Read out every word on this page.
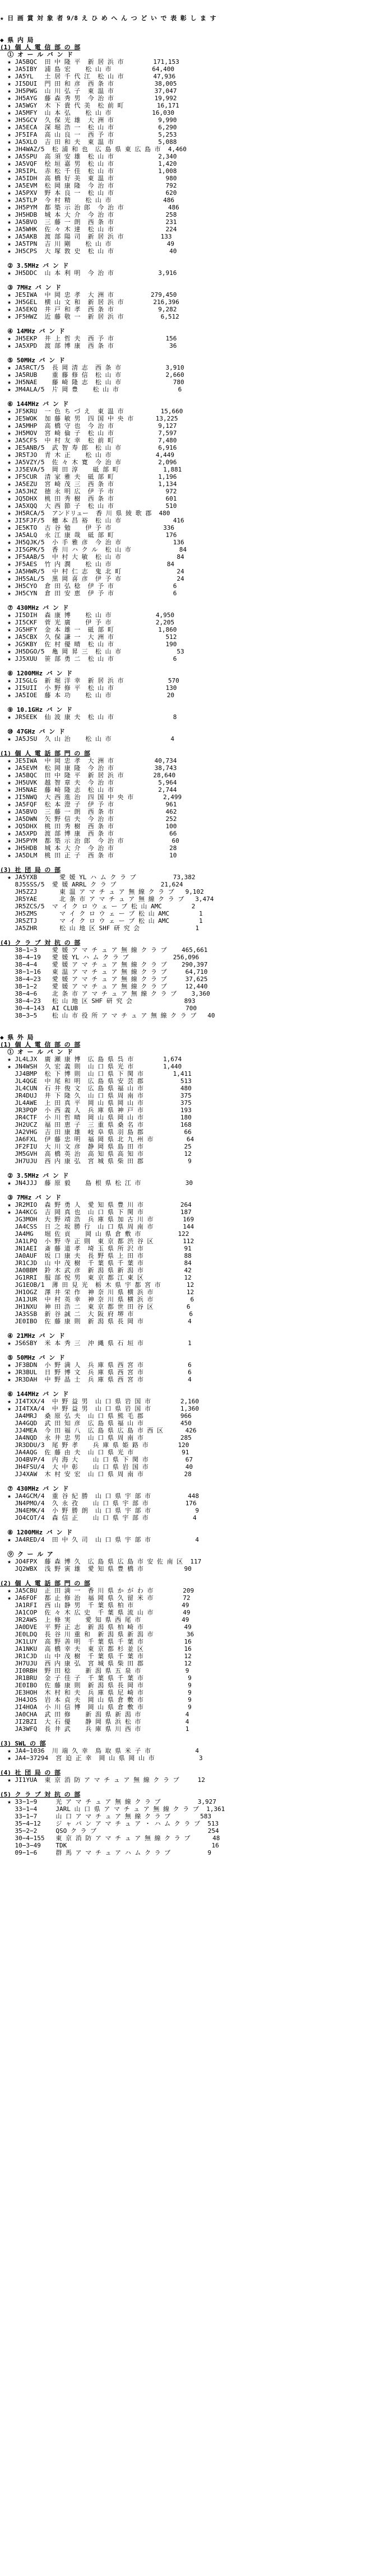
★ 日 画 賞 対 象 者 9/8 え ひ め へ ん つ ど い で 表 彰 し ま す

◆ 県 内 局
(1) 個 人 電 信 部 の 部
① オ ー ル バ ン ド
★ JA5BQC  田 中 隆 平  新 居 浜 市        171,153
★ JA5IBY  浦 島 宏    松 山 市           64,400
★ JA5YL   土 居 千 代 江  松 山 市        47,936
★ JI5DUI  門 田 和 彦  西 条 市           38,005
★ JH5PWG  山 川 弘 子  東 温 市           37,047
★ JH5AYG  藤 森 秀 男  今 治 市           19,992
★ JA5WGY  木 下 貴 代 美  松 前 町         16,171
★ JA5MFY  山 本 弘    松 山 市           16,030
★ JH5GCV  久 保 光 雄  大 洲 市            9,990
★ JA5ECA  深 堀 浩 一  松 山 市            6,290
★ JF5IFA  高 山 良 一  西 予 市            5,253
★ JA5XLO  吉 田 和 夫  東 温 市            5,088
★ JH4WAZ/5  松 浦 和 也  広 島 県 東 広 島 市  4,460
★ JA5SPU  高 須 安 雄  松 山 市            2,340
★ JA5VQF  桧 垣 嘉 男  松 山 市            1,420
★ JR5IPL  赤 松 千 佳  松 山 市            1,008
★ JA5IDH  高 橋 好 美  東 温 市              980
★ JA5EVM  松 岡 康 隆  今 治 市              792
★ JA5PXV  野 本 良 一  松 山 市              620
★ JA5TLP  今 村 精    松 山 市              486
★ JH5PYM  都 築 示 治 郎  今 治 市            486
★ JH5HDB  城 本 大 介  今 治 市              258
★ JA5BVO  三 藤 一 朗  西 条 市              231
★ JA5WHK  佐 々 木 達  松 山 市              224
★ JA5AKB  渡 部 陽 司  新 居 浜 市          133
★ JA5TPN  吉 川 剛    松 山 市               49
★ JH5CPS  大 塚 敦 史  松 山 市               40

② 3.5MHz バ ン ド
★ JH5DDC  山 本 利 明  今 治 市            3,916

③ 7MHz バ ン ド
★ JE5IWA  中 岡 忠 孝  大 洲 市          279,450
★ JH5GEL  横 山 文 和  新 居 浜 市        216,396
★ JA5EKQ  井 戸 和 孝  西 条 市            9,282
★ JF5HWZ  近 藤 敬 一  新 居 浜 市          6,512

④ 14MHz バ ン ド
★ JH5EKP  井 上 哲 夫  西 予 市              156
★ JA5XPD  渡 部 博 康  西 条 市               36

⑤ 50MHz バ ン ド
★ JA5RCT/5  長 岡 清 志  西 条 市            3,910
★ JA5RUB    重 藤 修 信  松 山 市            2,660
★ JH5NAE    藤 崎 隆 志  松 山 市              780
★ JM4ALA/5  片 岡 豊    松 山 市                6

⑥ 144MHz バ ン ド
★ JF5KRU  一 色 ち づ え  東 温 市          15,660
★ JE5WOK  加 藤 敏 男  四 国 中 央 市      13,225
★ JA5MHP  高 橋 守 也  今 治 市            9,127
★ JH5MOV  宮 崎 倫 子  松 山 市            7,597
★ JA5CFS  中 村 友 幸  松 前 町            7,480
★ JE5ANB/5  武 智 寿 郎  松 山 市          6,916
★ JR5TJO  青 木 正    松 山 市            4,449
★ JA5VZY/5  佐 々 木 寛  今 治 市          2,096
★ JJ5EVA/5  岡 田 淳    砥 部 町            1,881
★ JF5CUR  清 家 雅 夫  砥 部 町            1,196
★ JA5EZU  宮 崎 茂 三  西 条 市            1,134
★ JA5JHZ  徳 永 明 広  伊 予 市              972
★ JQ5DHX  桃 田 秀 樹  西 条 市              601
★ JA5XQQ  大 西 節 子  松 山 市              510
★ JH5RCA/5  アンドリュー  香 川 県 綾 歌 郡  480
★ JI5FJF/5  穗 本 昌 裕  松 山 市              416
★ JE5KTO  古 谷 勉    伊 予 市              336
★ JA5ALQ  永 江 康 哉  砥 部 町              176
★ JH5QJK/5  小 手 雅 彦  今 治 市              136
★ JI5GPK/5  香 川 ハ ク ル  松 山 市             84
★ JF5AAB/5  中 村 大 敏  松 山 市               84
★ JF5AES  竹 内 潤    松 山 市               84
★ JA5HWR/5  中 村 仁 志  鬼 北 町               24
★ JH5SAL/5  黒 岡 喜 彦  伊 予 市               24
★ JH5CYO  倉 田 弘 稔  伊 予 市                6
★ JH5CYN  倉 田 安 恵  伊 予 市                6

⑦ 430MHz バ ン ド
★ JI5DIH  森 康 博    松 山 市            4,950
★ JI5CKF  菅 光 廣    伊 予 市            2,205
★ JG5HFY  金 本 雄 一  砥 部 町            1,860
★ JA5CBX  久 保 謙 一  大 洲 市              512
★ JG5KBY  佐 村 優 晴  松 山 市              190
★ JH5DGO/5  亀 岡 昇 三  松 山 市               53
★ JJ5XUU  笹 部 勇 二  松 山 市                6

⑧ 1200MHz バ ン ド
★ JI5GLG  新 堀 洋 幸  新 居 浜 市            570
★ JI5UII  小 野 修 平  松 山 市              130
★ JA5IOE  藤 本 功    松 山 市               20

⑨ 10.1GHz バ ン ド
★ JR5EEK  仙 波 康 夫  松 山 市                8

⑩ 47GHz バ ン ド
★ JA5JSU  久 山 治    松 山 市                4

(1) 個 人 電 話 部 門 の 部
★ JE5IWA  中 岡 忠 孝  大 洲 市           40,734
★ JA5EVM  松 岡 康 隆  今 治 市           38,743
★ JA5BQC  田 中 隆 平  新 居 浜 市        28,640
★ JH5UVK  越 智 章 夫  今 治 市            5,964
★ JH5NAE  藤 崎 隆 志  松 山 市            2,744
★ JI5NWQ  大 西 進 治  四 国 中 央 市        2,499
★ JA5FQF  松 本 澄 子  伊 予 市              961
★ JA5BVO  三 藤 一 朗  西 条 市              462
★ JA5DWN  矢 野 信 夫  今 治 市              252
★ JQ5DHX  桃 田 秀 樹  西 条 市              100
★ JA5XPD  渡 部 博 康  西 条 市               66
★ JH5PYM  都 築 示 治 郎  今 治 市             60
★ JH5HDB  城 本 大 介  今 治 市               28
★ JA5DLM  桃 田 正 子  西 条 市               10

(3) 社 団 局 の 部
★ JA5YXB      愛 媛 YL ハ ム ク ラ ブ          73,382
8J5SSS/5  愛 媛 ARRL ク ラ ブ            21,624
JH5ZZJ      東 温 ア マ チ ュ ア 無 線 ク ラ ブ   9,102
JR5YAE      北 条 市 ア マ チ ュ ア 無 線 ク ラ ブ   3,474
JR5ZCS/5  マ イ ク ロ ウ ェ ー ブ 松 山 AMC        2
JH5ZMS      マ イ ク ロ ウ ェ ー ブ 松 山 AMC        1
JR5ZTJ      マ イ ク ロ ウ ェ ー ブ 松 山 AMC        1
JA5ZHR      松 山 地 区 SHF 研 究 会               1

(4) ク ラ ブ 対 抗 の 部
38−1−3    愛 媛 ア マ チ ュ ア 無 線 ク ラ ブ    465,661
38−4−19   愛 媛 YL ハ ム ク ラ ブ            256,096
38−4−4    愛 媛 ア マ チ ュ ア 無 線 ク ラ ブ    290,397
38−1−16   東 温 ア マ チ ュ ア 無 線 ク ラ ブ     64,710
38−4−23   愛 媛 ア マ チ ュ ア 無 線 ク ラ ブ     37,625
38−1−2    愛 媛 ア マ チ ュ ア 無 線 ク ラ ブ     12,440
38−4−6    北 条 市 ア マ チ ュ ア 無 線 ク ラ ブ    3,360
38−4−23   松 山 地 区 SHF 研 究 会              893
30−4−143  AI CLUB                             700
38−3−5    松 山 市 役 所 ア マ チ ュ ア 無 線 ク ラ ブ   40

◆ 県 外 局
(1) 個 人 電 信 部 の 部
① オ ー ル バ ン ド
★ JL4LJX  廣 瀬 康 博  広 島 県 呉 市        1,674
★ JN4WSH  久 宏 義 則  山 口 県 光 市        1,440
JJ4BMP  松 下 博 則  山 口 県 下 関 市        1,411
JL4QGE  中 尾 和 明  広 島 県 安 芸 郡          513
JL4CUN  石 井 俊 文  広 島 県 福 山 市          480
JR4DUJ  井 下 隆 久  山 口 県 周 南 市          375
JL4AWE  上 田 真 平  岡 山 県 岡 山 市          375
JR3PQP  小 西 義 人  兵 庫 県 神 戸 市          193
JR4CTF  小 川 哲 晴  岡 山 県 岡 山 市          180
JH2UCZ  福 田 恵 子  三 重 県 桑 名 市          168
JA2VHG  吉 田 康 雄  岐 阜 県 羽 島 郡           66
JA6FXL  伊 藤 忠 明  福 岡 県 北 九 州 市         64
JF2FIU  大 川 文 彦  静 岡 県 島 田 市           25
JM5GVH  高 橋 英 治  高 知 県 高 知 市           12
JH7UJU  西 内 康 弘  宮 城 県 柴 田 郡            9

② 3.5MHz バ ン ド
★ JN4JJJ  藤 原 毅    島 根 県 松 江 市            30

③ 7MHz バ ン ド
★ JR2MIO  森 野 勇 人  愛 知 県 豊 川 市          264
★ JA4KCG  吉 岡 真 也  山 口 県 下 関 市          187
JG3MOH  大 野 靖 浩  兵 庫 県 加 古 川 市        169
JA4CSS  日 之 坂 勝 行  山 口 県 周 南 市        144
JA4MG   堀 佐 貢    岡 山 県 倉 敷 市          122
JA1LPQ  小 野 寺 正 則  東 京 都 渋 谷 区        112
JN1AEI  斎 藤 道 孝  埼 玉 県 所 沢 市           91
JA0AUF  坂 口 康 夫  長 野 県 上 田 市           88
JR1CJD  山 中 茂 樹  千 葉 県 千 葉 市           84
JA0BBM  鈴 木 武 彦  新 潟 県 新 潟 市           42
JG1RRI  服 部 悦 男  東 京 都 江 東 区           12
JG1EOB/1  薄 田 見 光  栃 木 県 宇 都 宮 市       12
JH1OGZ  澤 井 栄 作  神 奈 川 県 横 浜 市         12
JA1JUR  中 村 英 幸  神 奈 川 県 横 浜 市          6
JH1NXU  神 田 浩 二  東 京 都 世 田 谷 区         6
JA3SSB  新 谷 誠 二  大 阪 府 堺 市               6
JE0IBO  佐 藤 康 則  新 潟 県 長 岡 市            4

④ 21MHz バ ン ド
★ JS6SBY  米 本 秀 三  沖 縄 県 石 垣 市            1

⑤ 50MHz バ ン ド
★ JF3BDN  小 野 満 人  兵 庫 県 西 宮 市            6
★ JR3BUL  日 野 博 文  兵 庫 県 西 宮 市            6
★ JR3DAH  中 野 晶 士  兵 庫 県 西 宮 市            4

⑥ 144MHz バ ン ド
★ JI4TXX/4  中 野 益 男  山 口 県 岩 国 市        2,160
★ JI4TXA/4  中 野 益 男  山 口 県 岩 国 市        1,360
JA4MRJ  桑 原 弘 夫  山 口 県 熊 毛 郡          966
JA4GQD  武 田 知 彦  広 島 県 福 山 市          450
JJ4MEA  今 田 福 八  広 島 県 広 島 市 西 区      426
JA4NQD  永 井 忠 男  山 口 県 周 南 市          285
JR3DDU/3  尾 野 孝    兵 庫 県 姫 路 市        120
JA4AQG  佐 藤 由 夫  山 口 県 光 市             91
JO4BVP/4  内 海 大    山 口 県 下 関 市          67
JH4FSU/4  大 中 彰    山 口 県 岩 国 市          40
JJ4XAW  木 村 安 宏  山 口 県 周 南 市           28

⑦ 430MHz バ ン ド
★ JA4GCM/4  重 谷 紀 勝  山 口 県 宇 部 市          448
JN4PMO/4  久 永 孜    山 口 県 宇 部 市          176
JN4EMK/4  小 野 勝 朗  山 口 県 宇 部 市            9
JO4COT/4  森 信 正    山 口 県 宇 部 市            4

⑧ 1200MHz バ ン ド
★ JA4RED/4  田 中 久 司  山 口 県 宇 部 市            4

⑨ ク ー ル ア
★ JO4FPX  藤 森 博 久  広 島 県 広 島 市 安 佐 南 区  117
JQ2WBX  浅 野 寅 雄  愛 知 県 豊 橋 市           90

(2) 個 人 電 話 部 門 の 部
★ JA5CBU  正 田 満 一  香 川 県 か が わ 市        209
★ JA6FOF  都 止 修 治  福 岡 県 久 留 米 市        72
JA1RFI  西 山 静 男  千 葉 県 柏 市             49
JA1COP  佐 々 木 広 史  千 葉 県 流 山 市        49
JR2AWS  上 條 実    愛 知 県 西 尾 市           49
JA0DVE  平 野 正 志  新 潟 県 柏 崎 市           49
JE0LDQ  長 谷 川 重 和  新 潟 県 新 潟 市         36
JK1LUY  高 野 善 明  千 葉 県 千 葉 市           16
JA1NKU  高 橋 幸 夫  東 京 都 杉 並 区           16
JR1CJD  山 中 茂 樹  千 葉 県 千 葉 市           12
JH7UJU  西 内 康 弘  宮 城 県 柴 田 郡           12
JI0RBH  野 田 稔    新 潟 県 五 泉 市            9
JR1BRU  金 子 佳 子  千 葉 県 千 葉 市            9
JE0IBO  佐 藤 康 則  新 潟 県 長 岡 市            9
JE3HOH  木 村 和 夫  兵 庫 県 尼 崎 市            9
JH4JOS  岩 本 貞 夫  岡 山 県 倉 敷 市            9
JI4HOA  小 川 信 博  岡 山 県 倉 敷 市            9
JA0CHA  武 田 修    新 潟 県 新 潟 市            4
JI2BZI  大 石 優    静 岡 県 浜 松 市            4
JA3WFQ  長 井 武    兵 庫 県 川 西 市            1

(3) SWL の 部
★ JA4−1036  川 端 久 幸  鳥 取 県 米 子 市            4
★ JA4−37294  宮 迫 正 幸  岡 山 県 岡 山 市            3

(4) 社 団 局 の 部
★ JI1YUA  東 京 消 防 ア マ チ ュ ア 無 線 ク ラ ブ     12

(5) ク ラ ブ 対 抗 の 部
★ 33−1−9     光 ア マ チ ュ ア 無 線 ク ラ ブ          3,927
33−1−4     JARL 山 口 県 ア マ チ ュ ア 無 線 ク ラ ブ  1,361
33−1−7     山 口 ア マ チ ュ ア 無 線 ク ラ ブ        583
35−4−12    ジ ャ パ ン ア マ チ ュ ア ・ ハ ム ク ラ ブ  513
35−2−2     QSO ク ラ ブ                              254
30−4−155   東 京 消 防 ア マ チ ュ ア 無 線 ク ラ ブ      48
10−3−49    TDK                                       16
09−1−6     群 馬 ア マ チ ュ ア ハ ム ク ラ ブ          9
